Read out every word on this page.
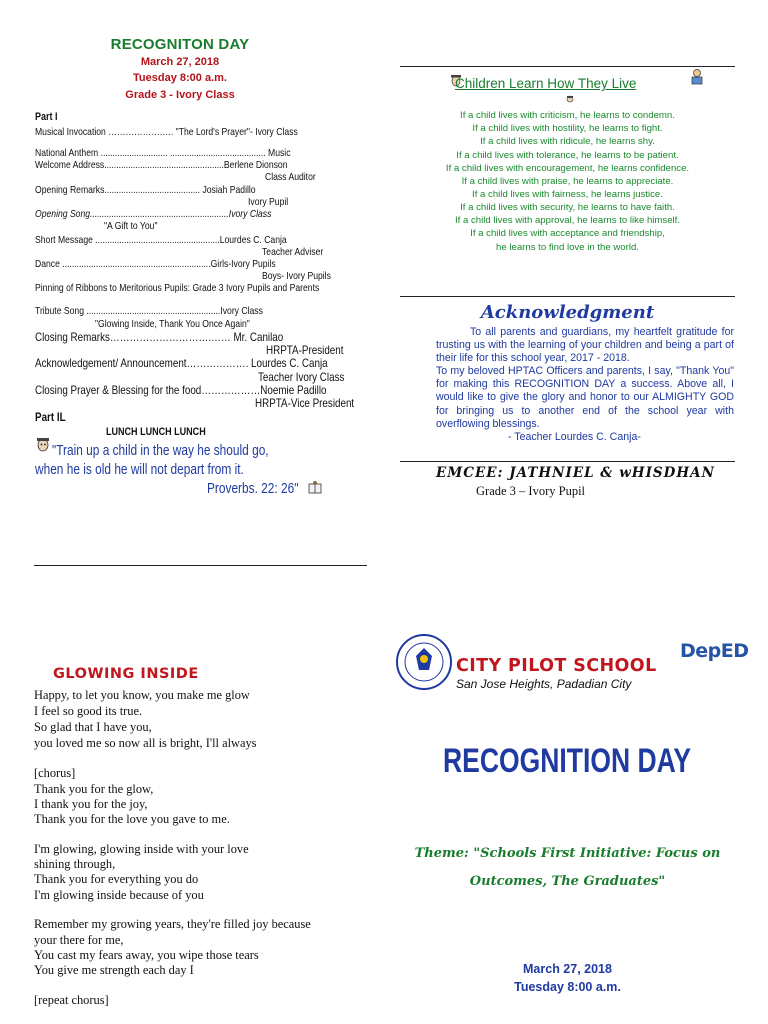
RECOGNITON DAY
March 27, 2018
Tuesday 8:00 a.m.
Grade 3 - Ivory Class
Part I
Musical Invocation ……………….…. "The Lord's Prayer"- Ivory Class
National Anthem ............................ ........................................ Music
Welcome Address..................................................Berlene Dionson
Class Auditor
Opening Remarks........................................ Josiah Padillo
Ivory Pupil
Opening Song..........................................................Ivory Class
"A Gift to You"
Short Message ....................................................Lourdes C. Canja
Teacher Adviser
Dance ..............................................................Girls-Ivory Pupils
Boys- Ivory Pupils
Pinning of Ribbons to Meritorious Pupils: Grade 3 Ivory Pupils and Parents
Tribute Song ........................................................Ivory Class
"Glowing Inside, Thank You Once Again"
Closing Remarks………………………….…… Mr. Canilao
HRPTA-President
Acknowledgement/ Announcement………………. Lourdes C. Canja
Teacher Ivory Class
Closing Prayer & Blessing for the food………………Noemie Padillo
HRPTA-Vice President
Part IL
LUNCH LUNCH LUNCH
"Train up a child in the way he should go,
when he is old he will not depart from it.
Proverbs. 22: 26"
Children Learn How They Live
If a child lives with criticism, he learns to condemn.
If a child lives with hostility, he learns to fight.
If a child lives with ridicule, he learns shy.
If a child lives with tolerance, he learns to be patient.
If a child lives with encouragement, he learns confidence.
If a child lives with praise, he learns to appreciate.
If a child lives with fairness, he learns justice.
If a child lives with security, he learns to have faith.
If a child lives with approval, he learns to like himself.
If a child lives with acceptance and friendship,
he learns to find love in the world.
Acknowledgment

To all parents and guardians, my heartfelt gratitude for trusting us with the learning of your children and being a part of their life for this school year, 2017 - 2018.

To my beloved HPTAC Officers and parents, I say, "Thank You" for making this RECOGNITION DAY a success. Above all, I would like to give the glory and honor to our ALMIGHTY GOD for bringing us to another end of the school year with overflowing blessings.

- Teacher Lourdes C. Canja-

EMCEE: JATHNIEL & wHISDHAN
Grade 3 – Ivory Pupil
GLOWING INSIDE
Happy, to let you know, you make me glow
I feel so good its true.
So glad that I have you,
you loved me so now all is bright, I'll always
[chorus]
Thank you for the glow,
I thank you for the joy,
Thank you for the love you gave to me.
I'm glowing, glowing inside with your love
shining through,
Thank you for everything you do
I'm glowing inside because of you
Remember my growing years, they're filled joy because
your there for me,
You cast my fears away, you wipe those tears
You give me strength each day I
[repeat chorus]
CITY PILOT SCHOOL
San Jose Heights, Padadian City
DepED
RECOGNITION DAY
Theme: "Schools First Initiative: Focus on
Outcomes, The Graduates"
March 27, 2018
Tuesday 8:00 a.m.
